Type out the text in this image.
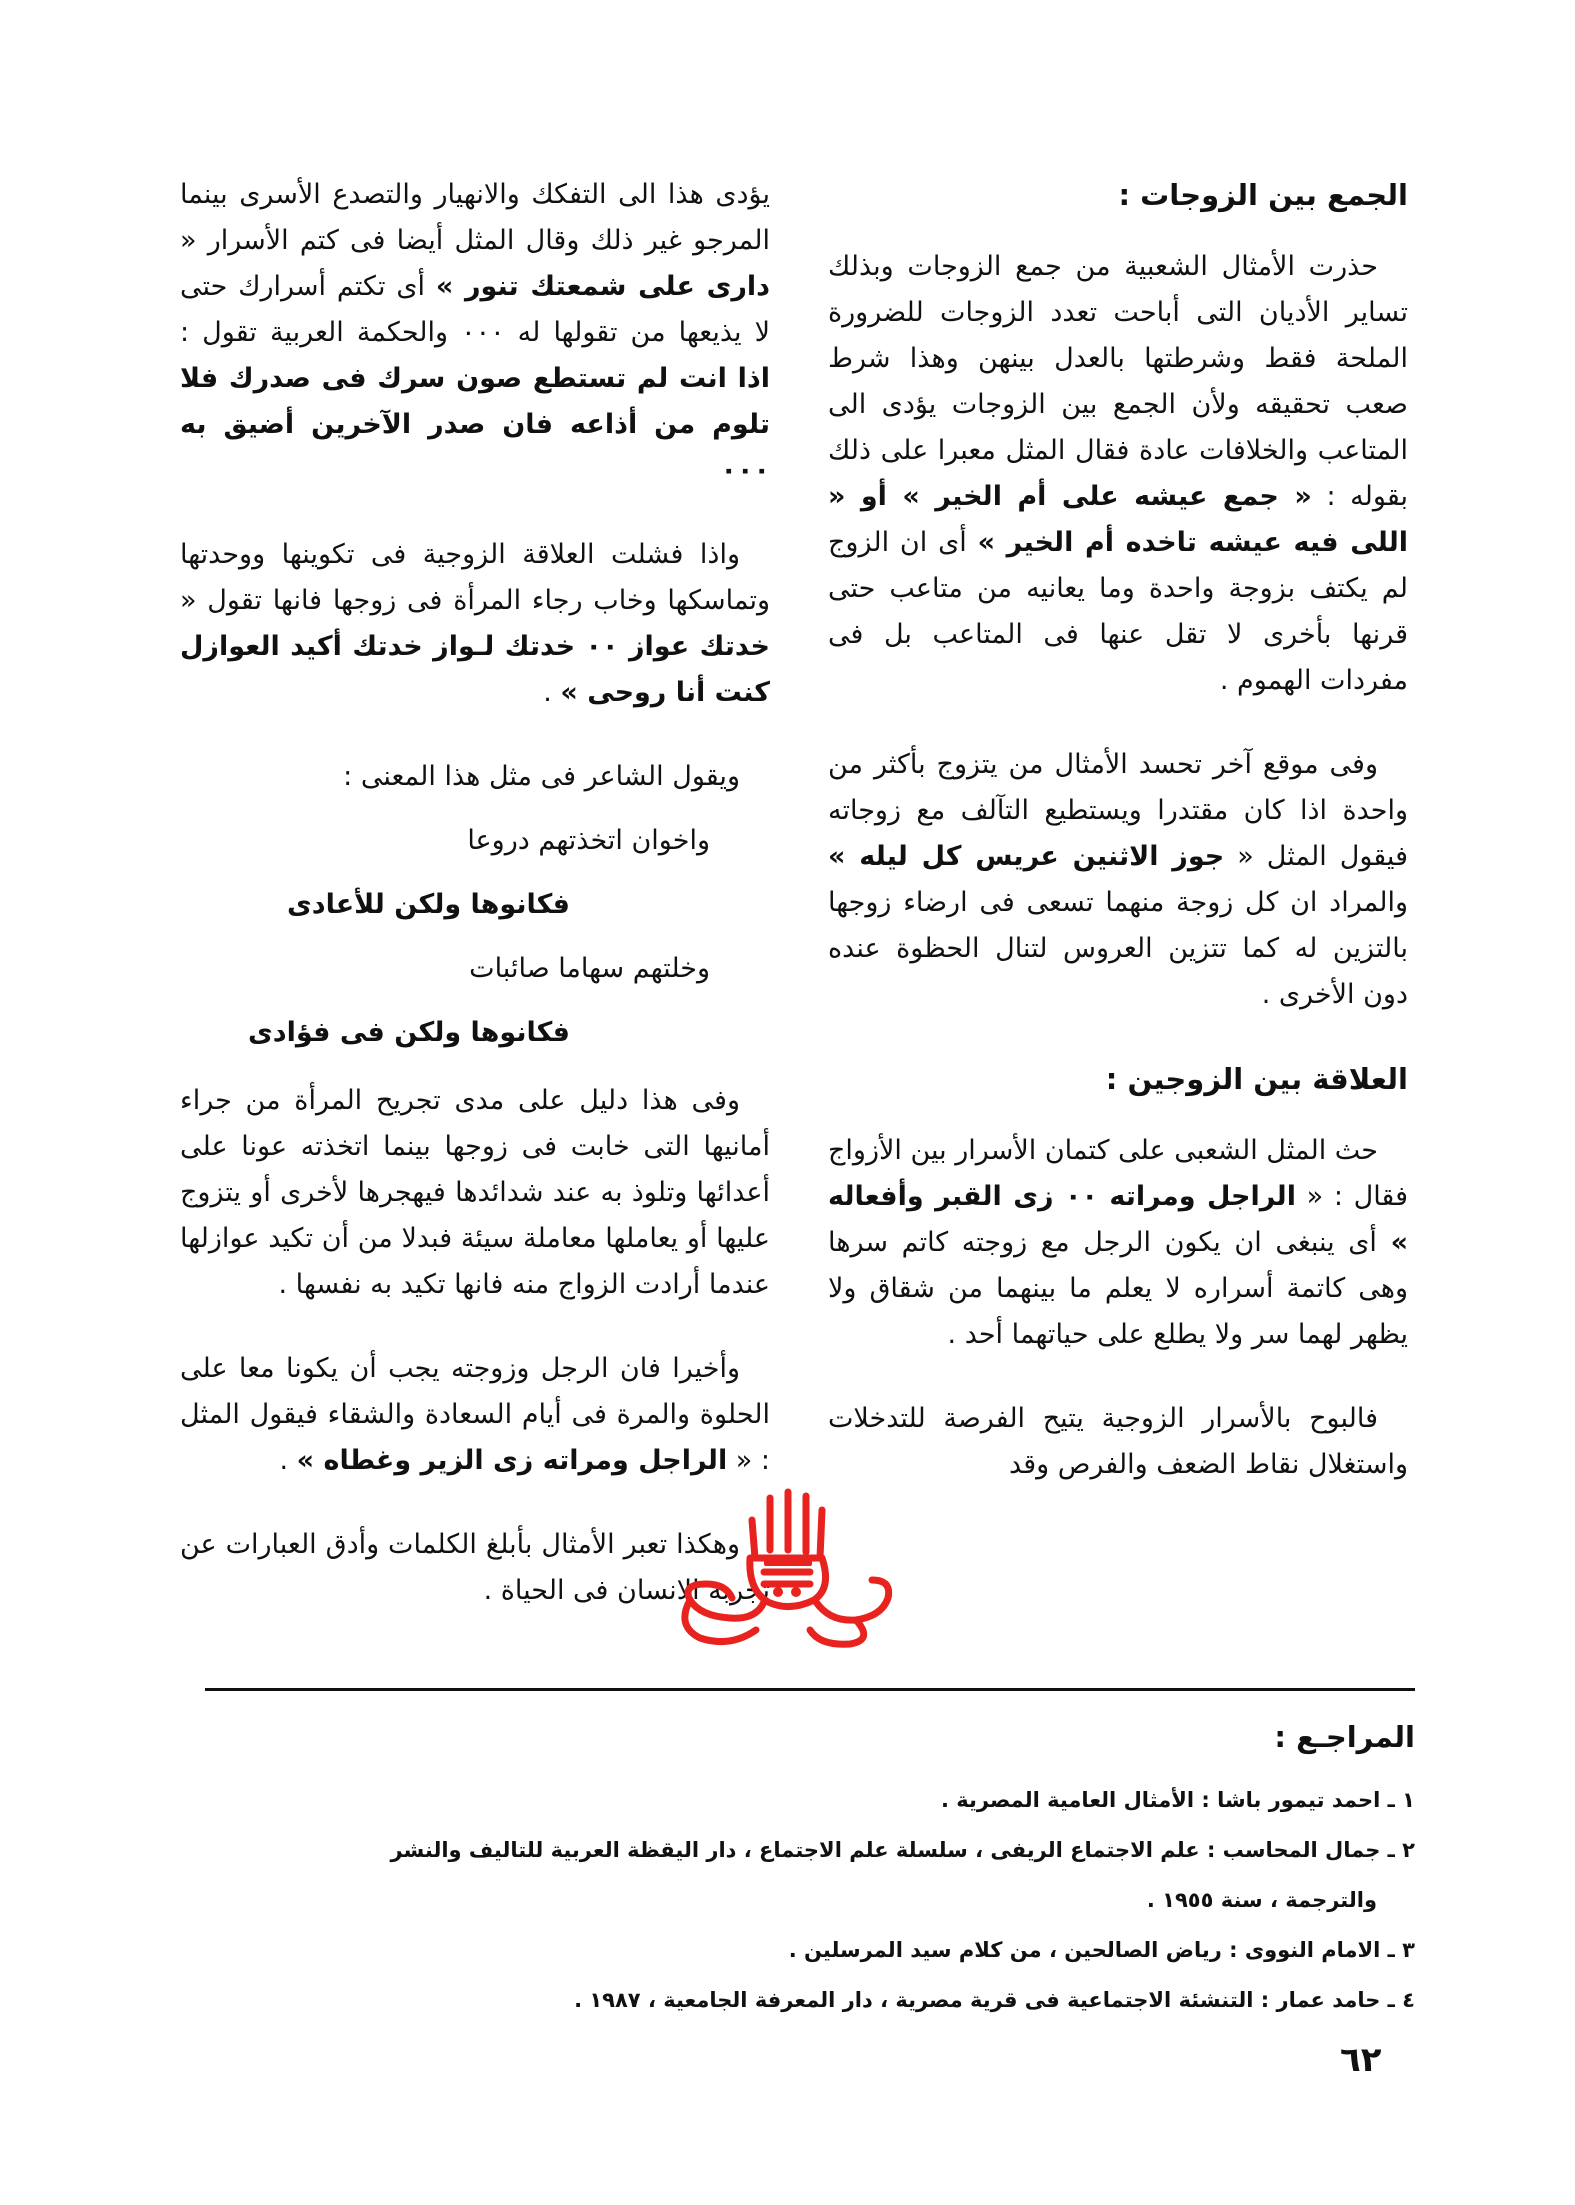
الجمع بين الزوجات :

حذرت الأمثال الشعبية من جمع الزوجات وبذلك تساير الأديان التى أباحت تعدد الزوجات للضرورة الملحة فقط وشرطتها بالعدل بينهن وهذا شرط صعب تحقيقه ولأن الجمع بين الزوجات يؤدى الى المتاعب والخلافات عادة فقال المثل معبرا على ذلك بقوله : « جمع عيشه على أم الخير » أو « اللى فيه عيشه تاخده أم الخير » أى ان الزوج لم يكتف بزوجة واحدة وما يعانيه من متاعب حتى قرنها بأخرى لا تقل عنها فى المتاعب بل فى مفردات الهموم .

وفى موقع آخر تحسد الأمثال من يتزوج بأكثر من واحدة اذا كان مقتدرا ويستطيع التآلف مع زوجاته فيقول المثل « جوز الاثنين عريس كل ليله » والمراد ان كل زوجة منهما تسعى فى ارضاء زوجها بالتزين له كما تتزين العروس لتنال الحظوة عنده دون الأخرى .

العلاقة بين الزوجين :

حث المثل الشعبى على كتمان الأسرار بين الأزواج فقال : « الراجل ومراته ٠٠ زى القبر وأفعاله » أى ينبغى ان يكون الرجل مع زوجته كاتم سرها وهى كاتمة أسراره لا يعلم ما بينهما من شقاق ولا يظهر لهما سر ولا يطلع على حياتهما أحد .

فالبوح بالأسرار الزوجية يتيح الفرصة للتدخلات واستغلال نقاط الضعف والفرص وقد

يؤدى هذا الى التفكك والانهيار والتصدع الأسرى بينما المرجو غير ذلك وقال المثل أيضا فى كتم الأسرار « دارى على شمعتك تنور » أى تكتم أسرارك حتى لا يذيعها من تقولها له ٠٠٠ والحكمة العربية تقول : اذا انت لم تستطع صون سرك فى صدرك فلا تلوم من أذاعه فان صدر الآخرين أضيق به ٠٠٠

واذا فشلت العلاقة الزوجية فى تكوينها ووحدتها وتماسكها وخاب رجاء المرأة فى زوجها فانها تقول « خدتك عواز ٠٠ خدتك لـواز خدتك أكيد العوازل كنت أنا روحى » .

ويقول الشاعر فى مثل هذا المعنى :

واخوان اتخذتهم دروعا
فكانوها ولكن للأعادى
وخلتهم سهاما صائبات
فكانوها ولكن فى فؤادى

وفى هذا دليل على مدى تجريح المرأة من جراء أمانيها التى خابت فى زوجها بينما اتخذته عونا على أعدائها وتلوذ به عند شدائدها فيهجرها لأخرى أو يتزوج عليها أو يعاملها معاملة سيئة فبدلا من أن تكيد عوازلها عندما أرادت الزواج منه فانها تكيد به نفسها .

وأخيرا فان الرجل وزوجته يجب أن يكونا معا على الحلوة والمرة فى أيام السعادة والشقاء فيقول المثل : « الراجل ومراته زى الزير وغطاه » .

وهكذا تعبر الأمثال بأبلغ الكلمات وأدق العبارات عن تجربة الانسان فى الحياة .

المراجـع :
١ ـ احمد تيمور باشا : الأمثال العامية المصرية .
٢ ـ جمال المحاسب : علم الاجتماع الريفى ، سلسلة علم الاجتماع ، دار اليقظة العربية للتاليف والنشر
والترجمة ، سنة ١٩٥٥ .
٣ ـ الامام النووى : رياض الصالحين ، من كلام سيد المرسلين .
٤ ـ حامد عمار : التنشئة الاجتماعية فى قرية مصرية ، دار المعرفة الجامعية ، ١٩٨٧ .
٦٢
